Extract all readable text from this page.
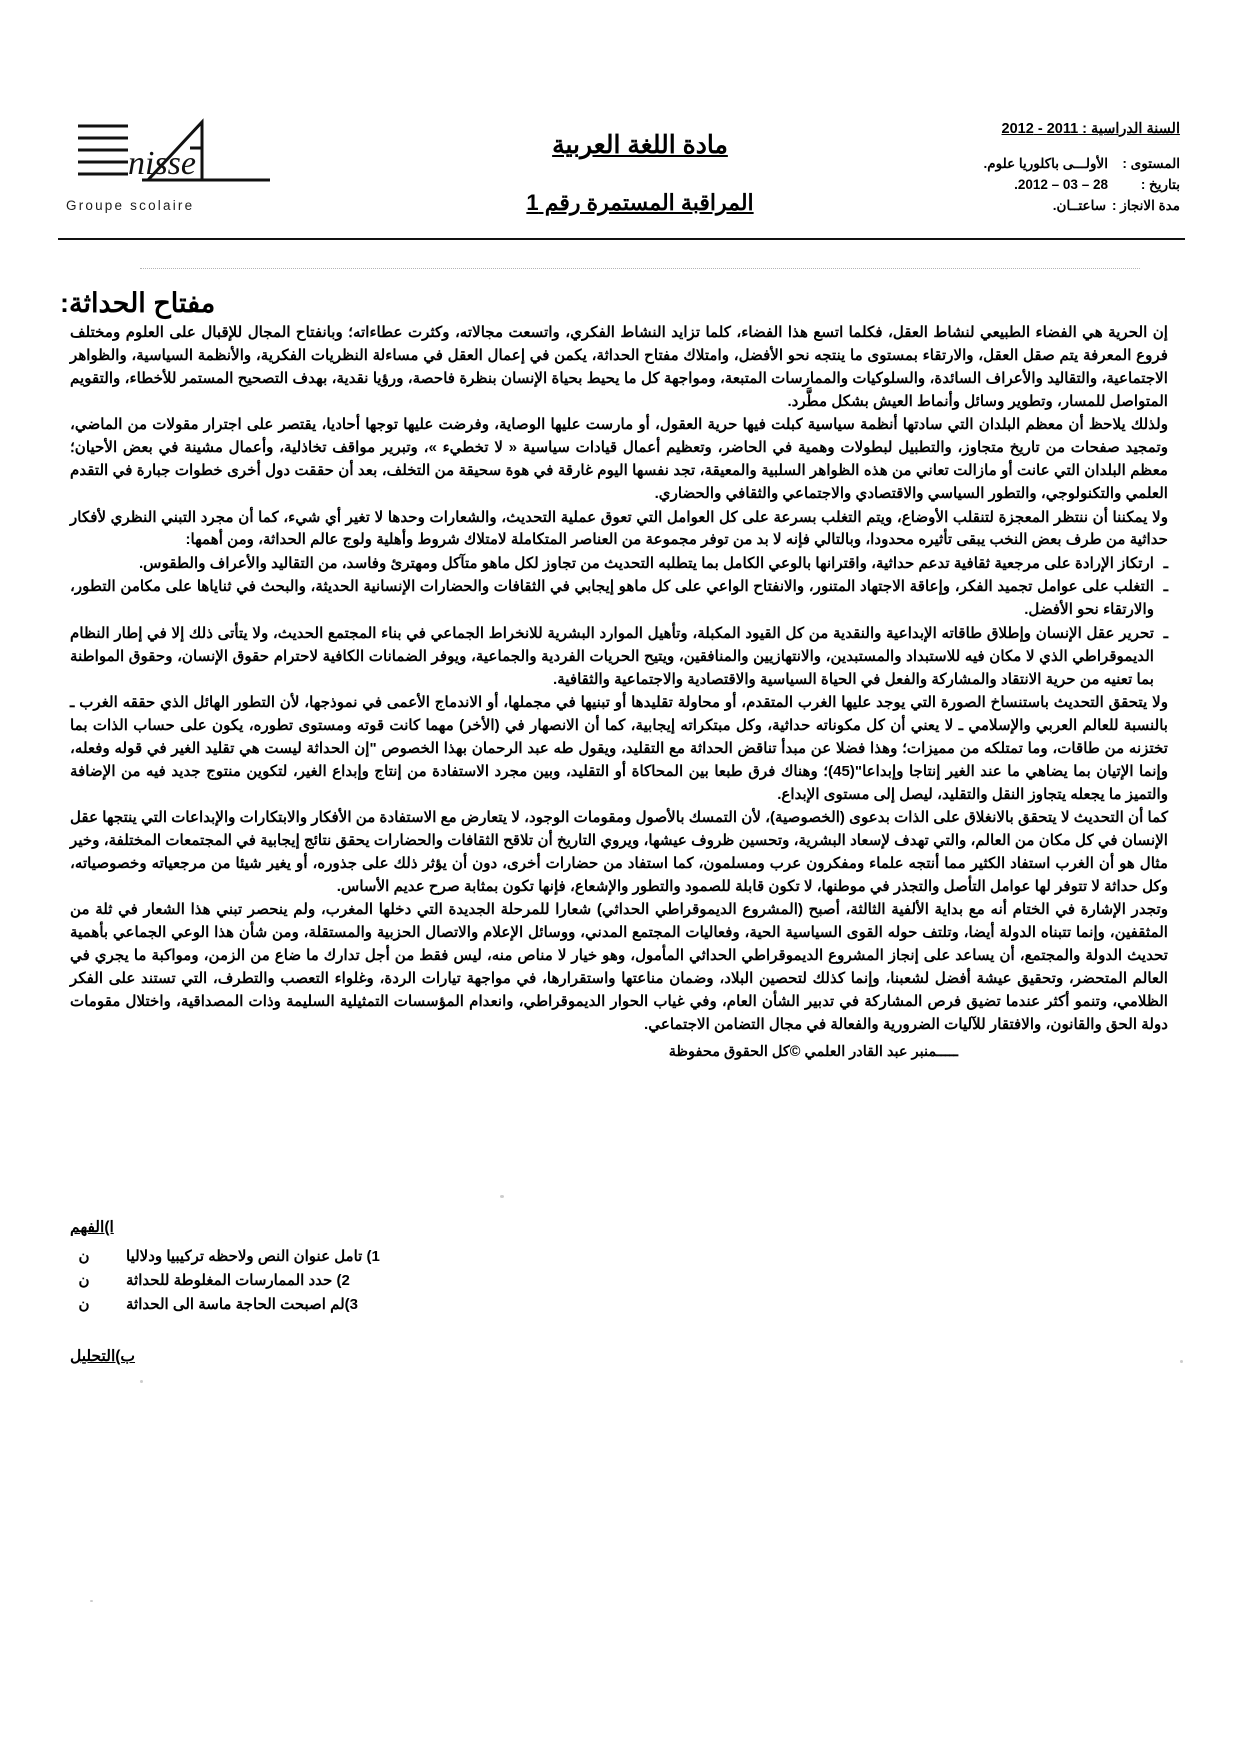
السنة الدراسية : 2011 - 2012
المستوى :
الأولـــى باكلوريا علوم.
بتاريخ :
28 – 03 – 2012.
مدة الانجاز :
ساعتــان.
مادة اللغة العربية
المراقبة المستمرة رقم 1
nisse
Groupe scolaire
مفتاح الحداثة:

إن الحرية هي الفضاء الطبيعي لنشاط العقل، فكلما اتسع هذا الفضاء، كلما تزايد النشاط الفكري، واتسعت مجالاته، وكثرت عطاءاته؛ وبانفتاح المجال للإقبال على العلوم ومختلف فروع المعرفة يتم صقل العقل، والارتقاء بمستوى ما ينتجه نحو الأفضل، وامتلاك مفتاح الحداثة، يكمن في إعمال العقل في مساءلة النظريات الفكرية، والأنظمة السياسية، والظواهر الاجتماعية، والتقاليد والأعراف السائدة، والسلوكيات والممارسات المتبعة، ومواجهة كل ما يحيط بحياة الإنسان بنظرة فاحصة، ورؤيا نقدية، بهدف التصحيح المستمر للأخطاء، والتقويم المتواصل للمسار، وتطوير وسائل وأنماط العيش بشكل مطَّرد.

ولذلك يلاحظ أن معظم البلدان التي سادتها أنظمة سياسية كبلت فيها حرية العقول، أو مارست عليها الوصاية، وفرضت عليها توجها أحاديا، يقتصر على اجترار مقولات من الماضي، وتمجيد صفحات من تاريخ متجاوز، والتطبيل لبطولات وهمية في الحاضر، وتعظيم أعمال قيادات سياسية « لا تخطيء »، وتبرير مواقف تخاذلية، وأعمال مشينة في بعض الأحيان؛ معظم البلدان التي عانت أو مازالت تعاني من هذه الظواهر السلبية والمعيقة، تجد نفسها اليوم غارقة في هوة سحيقة من التخلف، بعد أن حققت دول أخرى خطوات جبارة في التقدم العلمي والتكنولوجي، والتطور السياسي والاقتصادي والاجتماعي والثقافي والحضاري.

ولا يمكننا أن ننتظر المعجزة لتنقلب الأوضاع، ويتم التغلب بسرعة على كل العوامل التي تعوق عملية التحديث، والشعارات وحدها لا تغير أي شيء، كما أن مجرد التبني النظري لأفكار حداثية من طرف بعض النخب يبقى تأثيره محدودا، وبالتالي فإنه لا بد من توفر مجموعة من العناصر المتكاملة لامتلاك شروط وأهلية ولوج عالم الحداثة، ومن أهمها:

ـ ارتكاز الإرادة على مرجعية ثقافية تدعم حداثية، واقترانها بالوعي الكامل بما يتطلبه التحديث من تجاوز لكل ماهو متآكل ومهترئ وفاسد، من التقاليد والأعراف والطقوس.

ـ التغلب على عوامل تجميد الفكر، وإعاقة الاجتهاد المتنور، والانفتاح الواعي على كل ماهو إيجابي في الثقافات والحضارات الإنسانية الحديثة، والبحث في ثناياها على مكامن التطور، والارتقاء نحو الأفضل.

ـ تحرير عقل الإنسان وإطلاق طاقاته الإبداعية والنقدية من كل القيود المكبلة، وتأهيل الموارد البشرية للانخراط الجماعي في بناء المجتمع الحديث، ولا يتأتى ذلك إلا في إطار النظام الديموقراطي الذي لا مكان فيه للاستبداد والمستبدين، والانتهازيين والمنافقين، ويتيح الحريات الفردية والجماعية، ويوفر الضمانات الكافية لاحترام حقوق الإنسان، وحقوق المواطنة بما تعنيه من حرية الانتقاد والمشاركة والفعل في الحياة السياسية والاقتصادية والاجتماعية والثقافية.

ولا يتحقق التحديث باستنساخ الصورة التي يوجد عليها الغرب المتقدم، أو محاولة تقليدها أو تبنيها في مجملها، أو الاندماج الأعمى في نموذجها، لأن التطور الهائل الذي حققه الغرب ـ بالنسبة للعالم العربي والإسلامي ـ لا يعني أن كل مكوناته حداثية، وكل مبتكراته إيجابية، كما أن الانصهار في (الأخر) مهما كانت قوته ومستوى تطوره، يكون على حساب الذات بما تختزنه من طاقات، وما تمتلكه من مميزات؛ وهذا فضلا عن مبدأ تناقض الحداثة مع التقليد، ويقول طه عبد الرحمان بهذا الخصوص "إن الحداثة ليست هي تقليد الغير في قوله وفعله، وإنما الإتيان بما يضاهي ما عند الغير إنتاجا وإبداعا"(45)؛ وهناك فرق طبعا بين المحاكاة أو التقليد، وبين مجرد الاستفادة من إنتاج وإبداع الغير، لتكوين منتوج جديد فيه من الإضافة والتميز ما يجعله يتجاوز النقل والتقليد، ليصل إلى مستوى الإبداع.

كما أن التحديث لا يتحقق بالانغلاق على الذات بدعوى (الخصوصية)، لأن التمسك بالأصول ومقومات الوجود، لا يتعارض مع الاستفادة من الأفكار والابتكارات والإبداعات التي ينتجها عقل الإنسان في كل مكان من العالم، والتي تهدف لإسعاد البشرية، وتحسين ظروف عيشها، ويروي التاريخ أن تلاقح الثقافات والحضارات يحقق نتائج إيجابية في المجتمعات المختلفة، وخير مثال هو أن الغرب استفاد الكثير مما أنتجه علماء ومفكرون عرب ومسلمون، كما استفاد من حضارات أخرى، دون أن يؤثر ذلك على جذوره، أو يغير شيئا من مرجعياته وخصوصياته، وكل حداثة لا تتوفر لها عوامل التأصل والتجذر في موطنها، لا تكون قابلة للصمود والتطور والإشعاع، فإنها تكون بمثابة صرح عديم الأساس.

وتجدر الإشارة في الختام أنه مع بداية الألفية الثالثة، أصبح (المشروع الديموقراطي الحداثي) شعارا للمرحلة الجديدة التي دخلها المغرب، ولم ينحصر تبني هذا الشعار في ثلة من المثقفين، وإنما تتبناه الدولة أيضا، وتلتف حوله القوى السياسية الحية، وفعاليات المجتمع المدني، ووسائل الإعلام والاتصال الحزبية والمستقلة، ومن شأن هذا الوعي الجماعي بأهمية تحديث الدولة والمجتمع، أن يساعد على إنجاز المشروع الديموقراطي الحداثي المأمول، وهو خيار لا مناص منه، ليس فقط من أجل تدارك ما ضاع من الزمن، ومواكبة ما يجري في العالم المتحضر، وتحقيق عيشة أفضل لشعبنا، وإنما كذلك لتحصين البلاد، وضمان مناعتها واستقرارها، في مواجهة تيارات الردة، وغلواء التعصب والتطرف، التي تستند على الفكر الظلامي، وتنمو أكثر عندما تضيق فرص المشاركة في تدبير الشأن العام، وفي غياب الحوار الديموقراطي، وانعدام المؤسسات التمثيلية السليمة وذات المصداقية، واختلال مقومات دولة الحق والقانون، والافتقار للآليات الضرورية والفعالة في مجال التضامن الاجتماعي.

ـــــمنبر عبد القادر العلمي ©كل الحقوق محفوظة
ا)الفهم
1) تامل عنوان النص ولاحظه تركيبيا ودلاليا
ن
2) حدد الممارسات المغلوطة للحداثة
ن
3)لم اصبحت الحاجة ماسة الى الحداثة
ن
ب)التحليل
